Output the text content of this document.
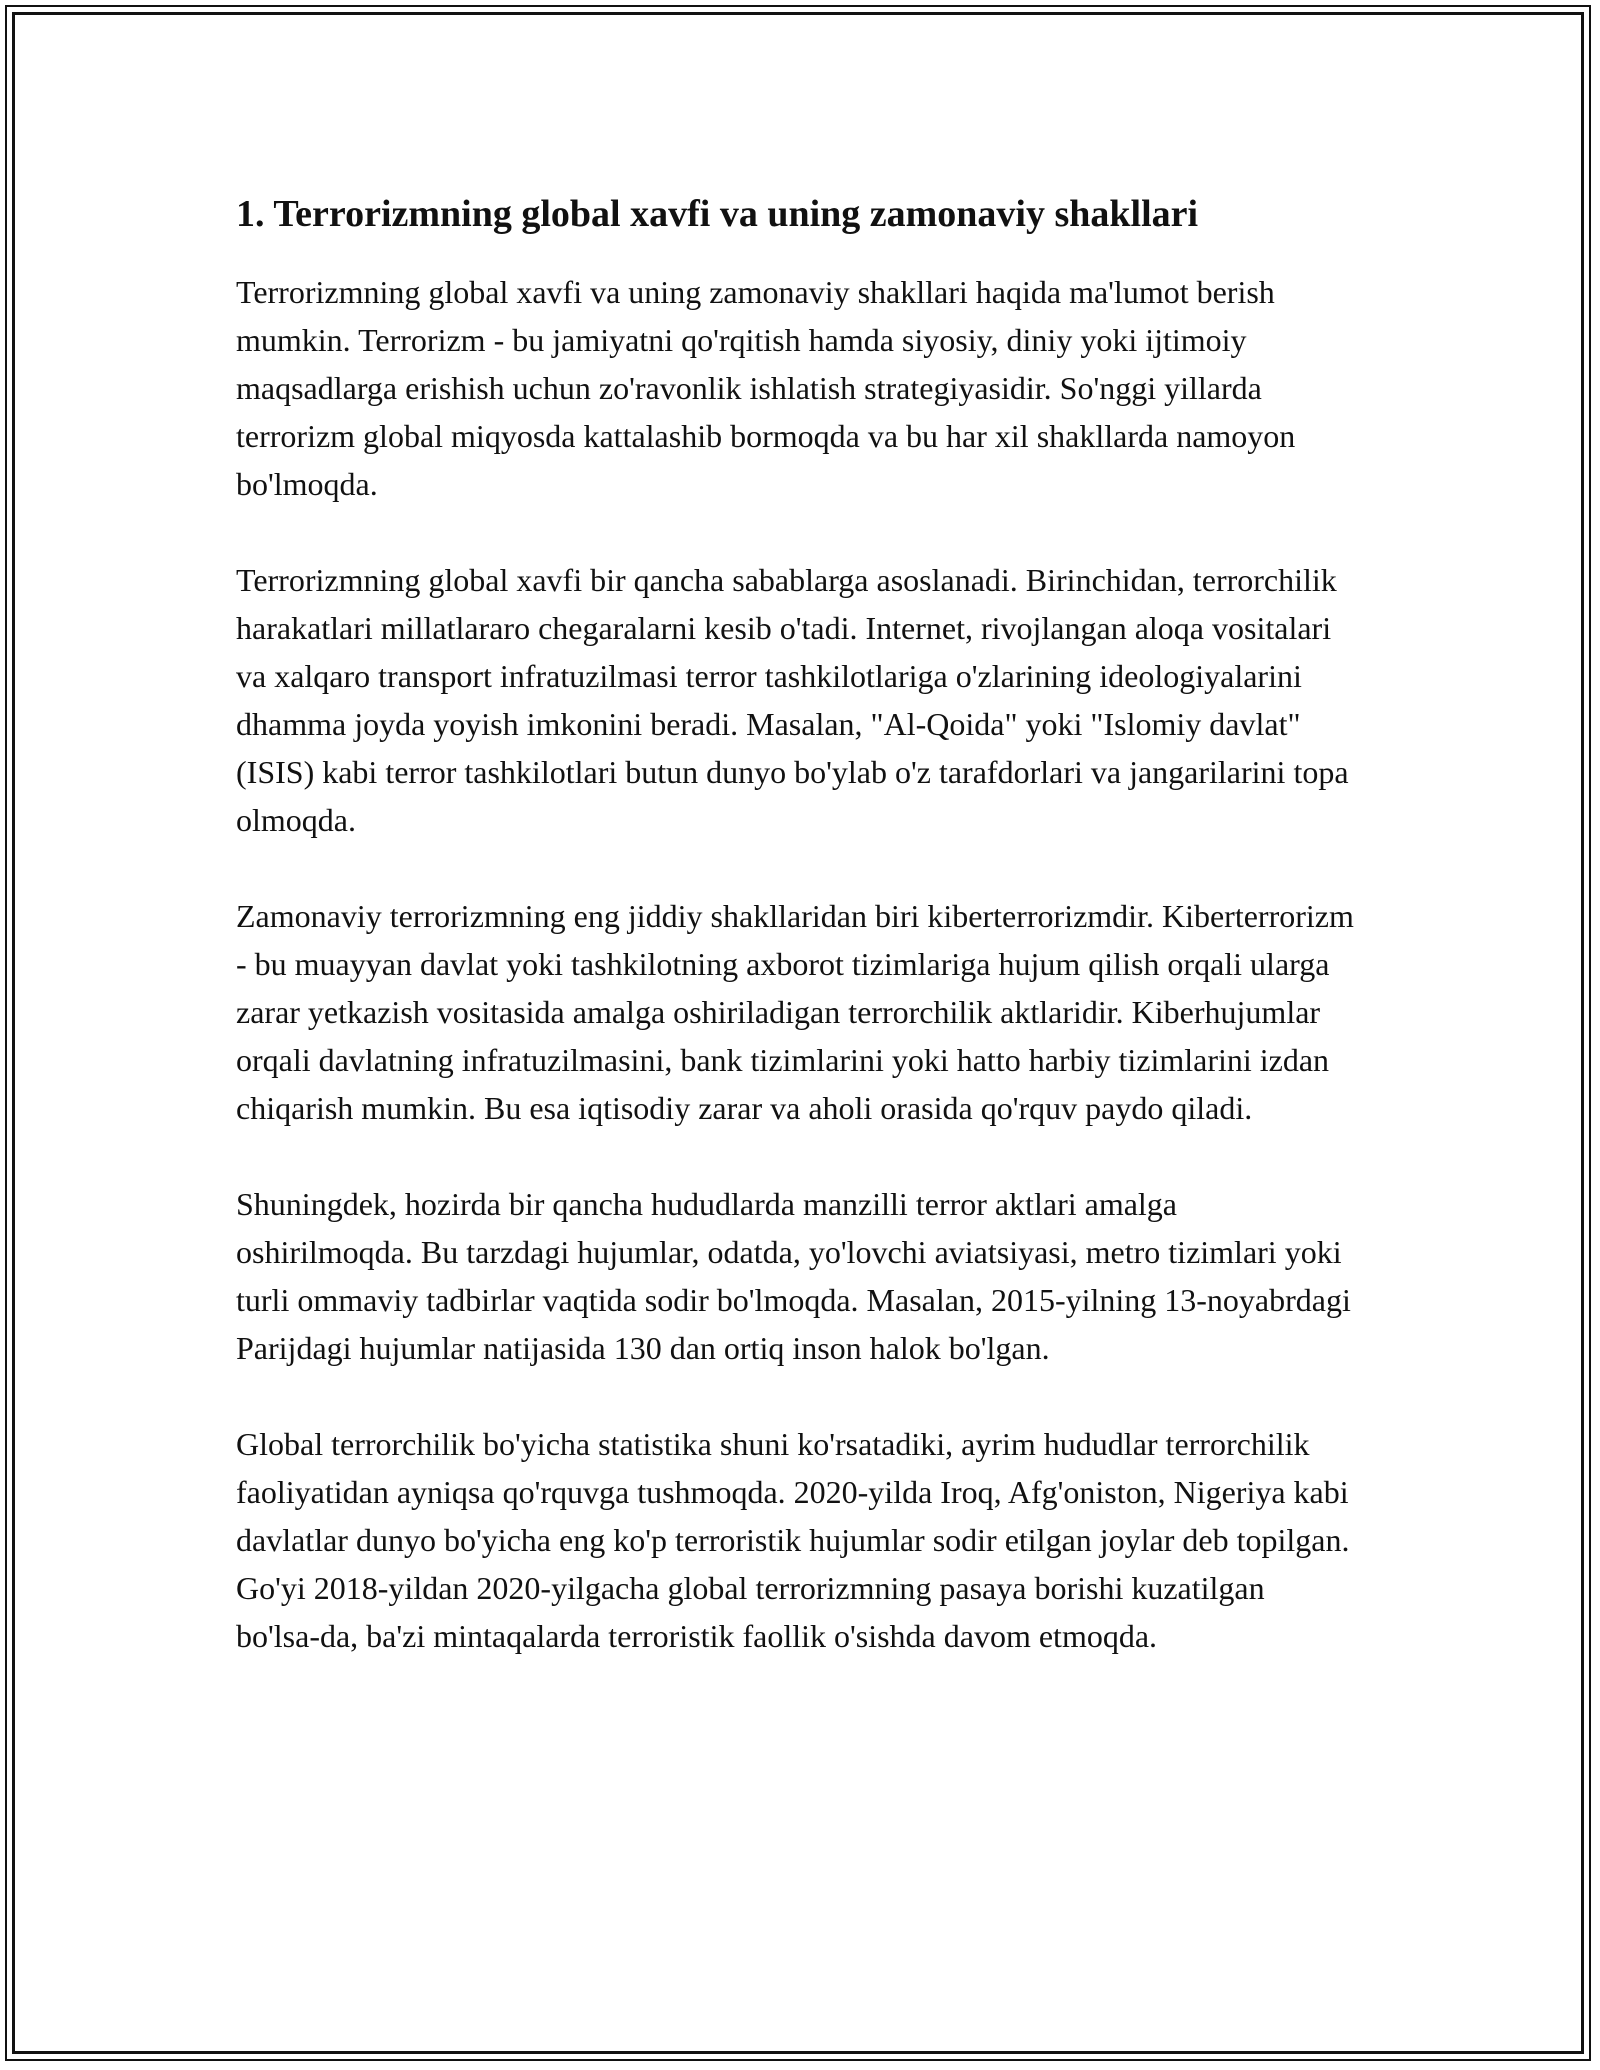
1. Terrorizmning global xavfi va uning zamonaviy shakllari

Terrorizmning global xavfi va uning zamonaviy shakllari haqida ma'lumot berish mumkin. Terrorizm - bu jamiyatni qo'rqitish hamda siyosiy, diniy yoki ijtimoiy maqsadlarga erishish uchun zo'ravonlik ishlatish strategiyasidir. So'nggi yillarda terrorizm global miqyosda kattalashib bormoqda va bu har xil shakllarda namoyon bo'lmoqda.

Terrorizmning global xavfi bir qancha sabablarga asoslanadi. Birinchidan, terrorchilik harakatlari millatlararo chegaralarni kesib o'tadi. Internet, rivojlangan aloqa vositalari va xalqaro transport infratuzilmasi terror tashkilotlariga o'zlarining ideologiyalarini dhamma joyda yoyish imkonini beradi. Masalan, "Al-Qoida" yoki "Islomiy davlat" (ISIS) kabi terror tashkilotlari butun dunyo bo'ylab o'z tarafdorlari va jangarilarini topa olmoqda.

Zamonaviy terrorizmning eng jiddiy shakllaridan biri kiberterrorizmdir. Kiberterrorizm - bu muayyan davlat yoki tashkilotning axborot tizimlariga hujum qilish orqali ularga zarar yetkazish vositasida amalga oshiriladigan terrorchilik aktlaridir. Kiberhujumlar orqali davlatning infratuzilmasini, bank tizimlarini yoki hatto harbiy tizimlarini izdan chiqarish mumkin. Bu esa iqtisodiy zarar va aholi orasida qo'rquv paydo qiladi.

Shuningdek, hozirda bir qancha hududlarda manzilli terror aktlari amalga oshirilmoqda. Bu tarzdagi hujumlar, odatda, yo'lovchi aviatsiyasi, metro tizimlari yoki turli ommaviy tadbirlar vaqtida sodir bo'lmoqda. Masalan, 2015-yilning 13-noyabrdagi Parijdagi hujumlar natijasida 130 dan ortiq inson halok bo'lgan.

Global terrorchilik bo'yicha statistika shuni ko'rsatadiki, ayrim hududlar terrorchilik faoliyatidan ayniqsa qo'rquvga tushmoqda. 2020-yilda Iroq, Afg'oniston, Nigeriya kabi davlatlar dunyo bo'yicha eng ko'p terroristik hujumlar sodir etilgan joylar deb topilgan. Go'yi 2018-yildan 2020-yilgacha global terrorizmning pasaya borishi kuzatilgan bo'lsa-da, ba'zi mintaqalarda terroristik faollik o'sishda davom etmoqda.
